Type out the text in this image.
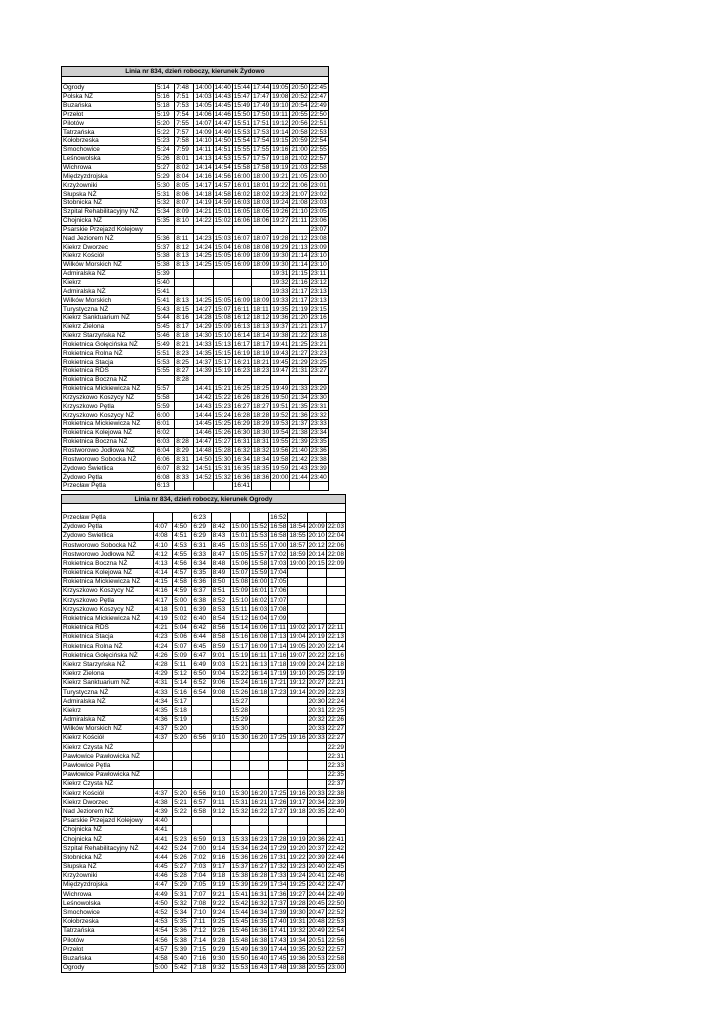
Linia nr 834, dzień roboczy, kierunek Żydowo									

Ogrody	5:14	7:48	14:00	14:40	15:44	17:44	19:05	20:50	22:45
Polska NŻ	5:16	7:51	14:03	14:43	15:47	17:47	19:08	20:52	22:47
Buzańska	5:18	7:53	14:05	14:45	15:49	17:49	19:10	20:54	22:49
Przełot	5:19	7:54	14:06	14:46	15:50	17:50	19:11	20:55	22:50
Pilotów	5:20	7:55	14:07	14:47	15:51	17:51	19:12	20:56	22:51
Tatrzańska	5:22	7:57	14:09	14:49	15:53	17:53	19:14	20:58	22:53
Kołobrzeska	5:23	7:58	14:10	14:50	15:54	17:54	19:15	20:59	22:54
Smochowice	5:24	7:59	14:11	14:51	15:55	17:55	19:16	21:00	22:55
Leśnowolska	5:26	8:01	14:13	14:53	15:57	17:57	19:18	21:02	22:57
Wichrowa	5:27	8:02	14:14	14:54	15:58	17:58	19:19	21:03	22:58
Międzyzdrojska	5:29	8:04	14:16	14:56	16:00	18:00	19:21	21:05	23:00
Krzyżowniki	5:30	8:05	14:17	14:57	16:01	18:01	19:22	21:06	23:01
Słupska NŻ	5:31	8:06	14:18	14:58	16:02	18:02	19:23	21:07	23:02
Stobnicka NŻ	5:32	8:07	14:19	14:59	16:03	18:03	19:24	21:08	23:03
Szpital Rehabilitacyjny NŻ	5:34	8:09	14:21	15:01	16:05	18:05	19:26	21:10	23:05
Chojnicka NŻ	5:35	8:10	14:22	15:02	16:06	18:06	19:27	21:11	23:06
Psarskie Przejazd Kolejowy									23:07
Nad Jeziorem NŻ	5:36	8:11	14:23	15:03	16:07	18:07	19:28	21:12	23:08
Kiekrz Dworzec	5:37	8:12	14:24	15:04	16:08	18:08	19:29	21:13	23:09
Kiekrz Kościół	5:38	8:13	14:25	15:05	16:09	18:09	19:30	21:14	23:10
Wilków Morskich NŻ	5:38	8:13	14:25	15:05	16:09	18:09	19:30	21:14	23:10
Admiralska NŻ	5:39						19:31	21:15	23:11
Kiekrz	5:40						19:32	21:16	23:12
Admiralska NŻ	5:41						19:33	21:17	23:13
Wilków Morskich	5:41	8:13	14:25	15:05	16:09	18:09	19:33	21:17	23:13
Turystyczna NŻ	5:43	8:15	14:27	15:07	16:11	18:11	19:35	21:19	23:15
Kiekrz Sanktuarium NŻ	5:44	8:16	14:28	15:08	16:12	18:12	19:36	21:20	23:16
Kiekrz Zielona	5:45	8:17	14:29	15:09	16:13	18:13	19:37	21:21	23:17
Kiekrz Starzyńska NŻ	5:46	8:18	14:30	15:10	16:14	18:14	19:38	21:22	23:18
Rokietnica Gołęcińska NŻ	5:49	8:21	14:33	15:13	16:17	18:17	19:41	21:25	23:21
Rokietnica Rolna NŻ	5:51	8:23	14:35	15:15	16:19	18:19	19:43	21:27	23:23
Rokietnica Stacja	5:53	8:25	14:37	15:17	16:21	18:21	19:45	21:29	23:25
Rokietnica RDS	5:55	8:27	14:39	15:19	16:23	18:23	19:47	21:31	23:27
Rokietnica Boczna NŻ		8:28							
Rokietnica Mickiewicza NŻ	5:57		14:41	15:21	16:25	18:25	19:49	21:33	23:29
Krzyszkowo Koszycy NŻ	5:58		14:42	15:22	16:26	18:26	19:50	21:34	23:30
Krzyszkowo Pętla	5:59		14:43	15:23	16:27	18:27	19:51	21:35	23:31
Krzyszkowo Koszycy NŻ	6:00		14:44	15:24	16:28	18:28	19:52	21:36	23:32
Rokietnica Mickiewicza NŻ	6:01		14:45	15:25	16:29	18:29	19:53	21:37	23:33
Rokietnica Kolejowa NŻ	6:02		14:46	15:26	16:30	18:30	19:54	21:38	23:34
Rokietnica Boczna NŻ	6:03	8:28	14:47	15:27	16:31	18:31	19:55	21:39	23:35
Rostworowo Jodłowa NŻ	6:04	8:29	14:48	15:28	16:32	18:32	19:56	21:40	23:36
Rostworowo Sobocka NŻ	6:06	8:31	14:50	15:30	16:34	18:34	19:58	21:42	23:38
Żydowo Świetlica	6:07	8:32	14:51	15:31	16:35	18:35	19:59	21:43	23:39
Żydowo Pętla	6:08	8:33	14:52	15:32	16:36	18:36	20:00	21:44	23:40
Przecław Pętla	6:13				16:41				
Linia nr 834, dzień roboczy, kierunek Ogrody										

Przecław Pętla			6:23				16:52			
Żydowo Pętla	4:07	4:50	6:29	8:42	15:00	15:52	16:58	18:54	20:09	22:03
Żydowo Świetlica	4:08	4:51	6:29	8:43	15:01	15:53	16:58	18:55	20:10	22:04
Rostworowo Sobocka NŻ	4:10	4:53	6:31	8:45	15:03	15:55	17:00	18:57	20:12	22:06
Rostworowo Jodłowa NŻ	4:12	4:55	6:33	8:47	15:05	15:57	17:02	18:59	20:14	22:08
Rokietnica Boczna NŻ	4:13	4:56	6:34	8:48	15:06	15:58	17:03	19:00	20:15	22:09
Rokietnica Kolejowa NŻ	4:14	4:57	6:35	8:49	15:07	15:59	17:04			
Rokietnica Mickiewicza NŻ	4:15	4:58	6:36	8:50	15:08	16:00	17:05			
Krzyszkowo Koszycy NŻ	4:16	4:59	6:37	8:51	15:09	16:01	17:06			
Krzyszkowo Pętla	4:17	5:00	6:38	8:52	15:10	16:02	17:07			
Krzyszkowo Koszycy NŻ	4:18	5:01	6:39	8:53	15:11	16:03	17:08			
Rokietnica Mickiewicza NŻ	4:19	5:02	6:40	8:54	15:12	16:04	17:09			
Rokietnica RDS	4:21	5:04	6:42	8:56	15:14	16:06	17:11	19:02	20:17	22:11
Rokietnica Stacja	4:23	5:06	6:44	8:58	15:16	16:08	17:13	19:04	20:19	22:13
Rokietnica Rolna NŻ	4:24	5:07	6:45	8:59	15:17	16:09	17:14	19:05	20:20	22:14
Rokietnica Gołęcińska NŻ	4:26	5:09	6:47	9:01	15:19	16:11	17:16	19:07	20:22	22:16
Kiekrz Starzyńska NŻ	4:28	5:11	6:49	9:03	15:21	16:13	17:18	19:09	20:24	22:18
Kiekrz Zielona	4:29	5:12	6:50	9:04	15:22	16:14	17:19	19:10	20:25	22:19
Kiekrz Sanktuarium NŻ	4:31	5:14	6:52	9:06	15:24	16:16	17:21	19:12	20:27	22:21
Turystyczna NŻ	4:33	5:16	6:54	9:08	15:26	16:18	17:23	19:14	20:29	22:23
Admiralska NŻ	4:34	5:17			15:27				20:30	22:24
Kiekrz	4:35	5:18			15:28				20:31	22:25
Admiralska NŻ	4:36	5:19			15:29				20:32	22:26
Wilków Morskich NŻ	4:37	5:20			15:30				20:33	22:27
Kiekrz Kościół	4:37	5:20	6:56	9:10	15:30	16:20	17:25	19:16	20:33	22:27
Kiekrz Czysta NŻ										22:29
Pawłowice Pawłowicka NŻ										22:31
Pawłowice Pętla										22:33
Pawłowice Pawłowicka NŻ										22:35
Kiekrz Czysta NŻ										22:37
Kiekrz Kościół	4:37	5:20	6:56	9:10	15:30	16:20	17:25	19:16	20:33	22:38
Kiekrz Dworzec	4:38	5:21	6:57	9:11	15:31	16:21	17:26	19:17	20:34	22:39
Nad Jeziorem NŻ	4:39	5:22	6:58	9:12	15:32	16:22	17:27	19:18	20:35	22:40
Psarskie Przejazd Kolejowy	4:40									
Chojnicka NŻ	4:41									
Chojnicka NŻ	4:41	5:23	6:59	9:13	15:33	16:23	17:28	19:19	20:36	22:41
Szpital Rehabilitacyjny NŻ	4:42	5:24	7:00	9:14	15:34	16:24	17:29	19:20	20:37	22:42
Stobnicka NŻ	4:44	5:26	7:02	9:16	15:36	16:26	17:31	19:22	20:39	22:44
Słupska NŻ	4:45	5:27	7:03	9:17	15:37	16:27	17:32	19:23	20:40	22:45
Krzyżowniki	4:46	5:28	7:04	9:18	15:38	16:28	17:33	19:24	20:41	22:46
Międzyzdrojska	4:47	5:29	7:05	9:19	15:39	16:29	17:34	19:25	20:42	22:47
Wichrowa	4:49	5:31	7:07	9:21	15:41	16:31	17:36	19:27	20:44	22:49
Leśnowolska	4:50	5:32	7:08	9:22	15:42	16:32	17:37	19:28	20:45	22:50
Smochowice	4:52	5:34	7:10	9:24	15:44	16:34	17:39	19:30	20:47	22:52
Kołobrzeska	4:53	5:35	7:11	9:25	15:45	16:35	17:40	19:31	20:48	22:53
Tatrzańska	4:54	5:36	7:12	9:26	15:46	16:36	17:41	19:32	20:49	22:54
Pilotów	4:56	5:38	7:14	9:28	15:48	16:38	17:43	19:34	20:51	22:56
Przełot	4:57	5:39	7:15	9:29	15:49	16:39	17:44	19:35	20:52	22:57
Buzańska	4:58	5:40	7:16	9:30	15:50	16:40	17:45	19:36	20:53	22:58
Ogrody	5:00	5:42	7:18	9:32	15:53	16:43	17:48	19:38	20:55	23:00
